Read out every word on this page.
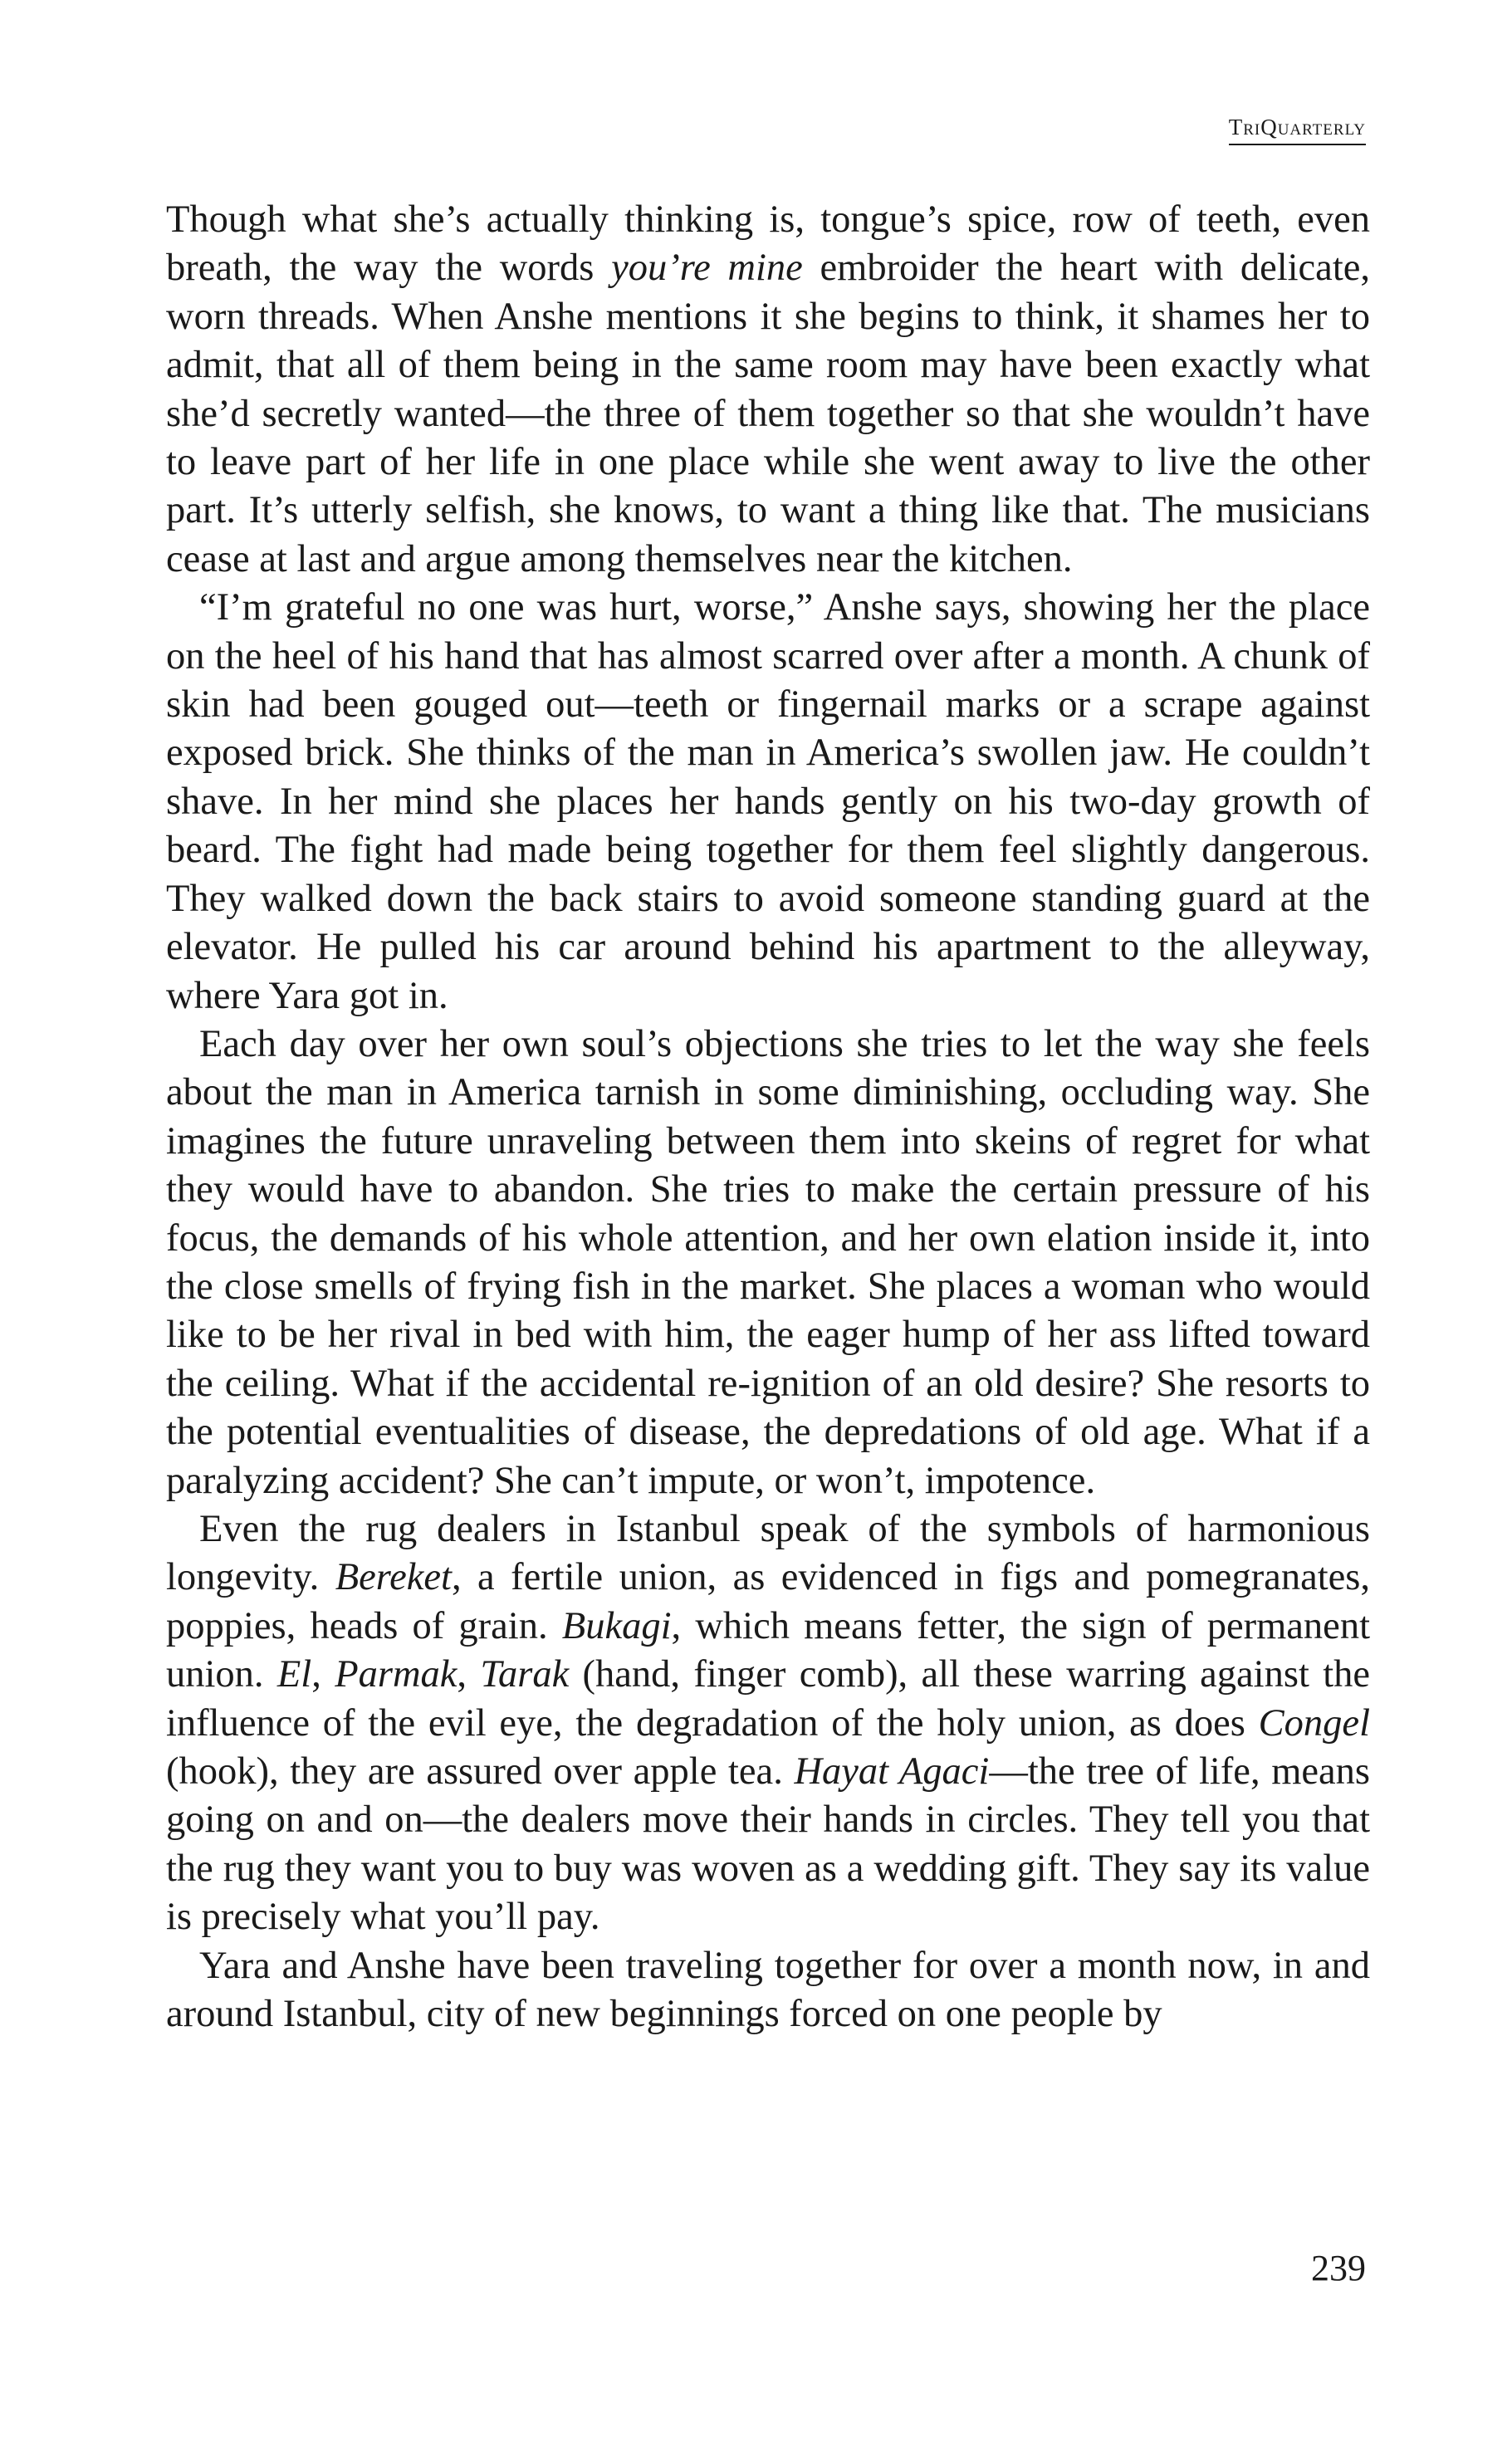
TriQuarterly

Though what she’s actually thinking is, tongue’s spice, row of teeth, even breath, the way the words you’re mine embroider the heart with delicate, worn threads. When Anshe mentions it she begins to think, it shames her to admit, that all of them being in the same room may have been exactly what she’d secretly wanted—the three of them together so that she wouldn’t have to leave part of her life in one place while she went away to live the other part. It’s utterly selfish, she knows, to want a thing like that. The musicians cease at last and argue among themselves near the kitchen.

“I’m grateful no one was hurt, worse,” Anshe says, showing her the place on the heel of his hand that has almost scarred over after a month. A chunk of skin had been gouged out—teeth or fingernail marks or a scrape against exposed brick. She thinks of the man in America’s swollen jaw. He couldn’t shave. In her mind she places her hands gently on his two-day growth of beard. The fight had made being together for them feel slightly dangerous. They walked down the back stairs to avoid someone standing guard at the elevator. He pulled his car around behind his apartment to the alleyway, where Yara got in.

Each day over her own soul’s objections she tries to let the way she feels about the man in America tarnish in some diminishing, occluding way. She imagines the future unraveling between them into skeins of regret for what they would have to abandon. She tries to make the certain pressure of his focus, the demands of his whole attention, and her own elation inside it, into the close smells of frying fish in the market. She places a woman who would like to be her rival in bed with him, the eager hump of her ass lifted toward the ceiling. What if the accidental re-ignition of an old desire? She resorts to the potential eventualities of disease, the depredations of old age. What if a paralyzing accident? She can’t impute, or won’t, impotence.

Even the rug dealers in Istanbul speak of the symbols of harmonious longevity. Bereket, a fertile union, as evidenced in figs and pomegranates, poppies, heads of grain. Bukagi, which means fetter, the sign of permanent union. El, Parmak, Tarak (hand, finger comb), all these warring against the influence of the evil eye, the degradation of the holy union, as does Congel (hook), they are assured over apple tea. Hayat Agaci—the tree of life, means going on and on—the dealers move their hands in circles. They tell you that the rug they want you to buy was woven as a wedding gift. They say its value is precisely what you’ll pay.

Yara and Anshe have been traveling together for over a month now, in and around Istanbul, city of new beginnings forced on one people by

239
